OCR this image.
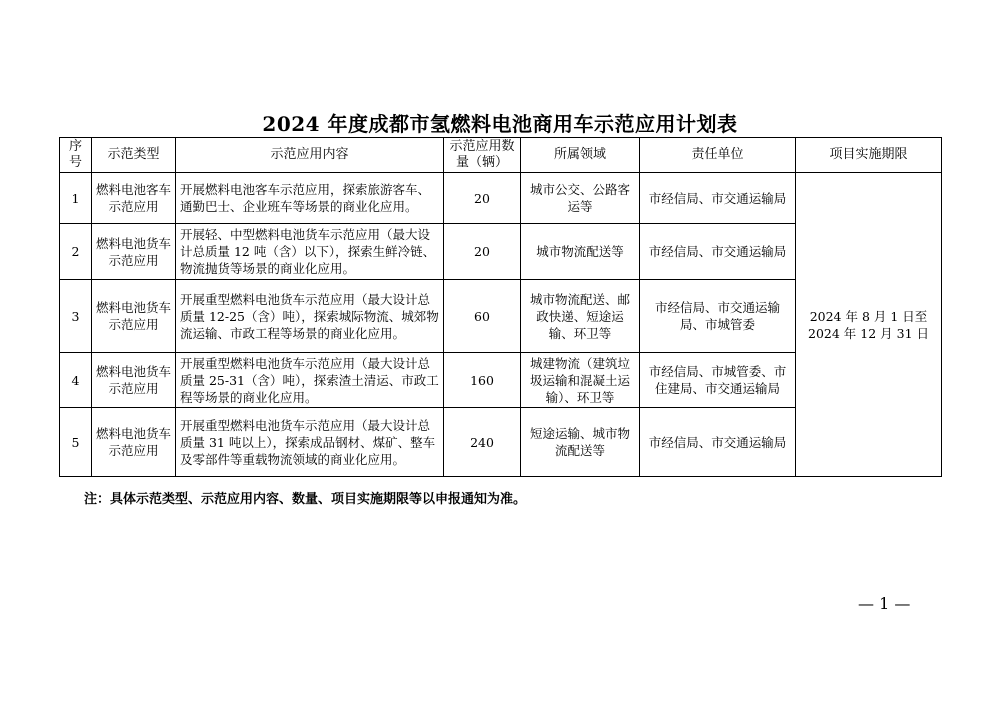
2024 年度成都市氢燃料电池商用车示范应用计划表
序号	示范类型	示范应用内容	示范应用数量（辆）	所属领域	责任单位	项目实施期限
1	燃料电池客车示范应用	开展燃料电池客车示范应用，探索旅游客车、通勤巴士、企业班车等场景的商业化应用。	20	城市公交、公路客运等	市经信局、市交通运输局	2024 年 8 月 1 日至 2024 年 12 月 31 日
2	燃料电池货车示范应用	开展轻、中型燃料电池货车示范应用（最大设计总质量 12 吨（含）以下），探索生鲜冷链、物流抛货等场景的商业化应用。	20	城市物流配送等	市经信局、市交通运输局	
3	燃料电池货车示范应用	开展重型燃料电池货车示范应用（最大设计总质量 12-25（含）吨），探索城际物流、城郊物流运输、市政工程等场景的商业化应用。	60	城市物流配送、邮政快递、短途运输、环卫等	市经信局、市交通运输局、市城管委	
4	燃料电池货车示范应用	开展重型燃料电池货车示范应用（最大设计总质量 25-31（含）吨），探索渣土清运、市政工程等场景的商业化应用。	160	城建物流（建筑垃圾运输和混凝土运输）、环卫等	市经信局、市城管委、市住建局、市交通运输局	
5	燃料电池货车示范应用	开展重型燃料电池货车示范应用（最大设计总质量 31 吨以上），探索成品钢材、煤矿、整车及零部件等重载物流领域的商业化应用。	240	短途运输、城市物流配送等	市经信局、市交通运输局	
注：具体示范类型、示范应用内容、数量、项目实施期限等以申报通知为准。
— 1 —
